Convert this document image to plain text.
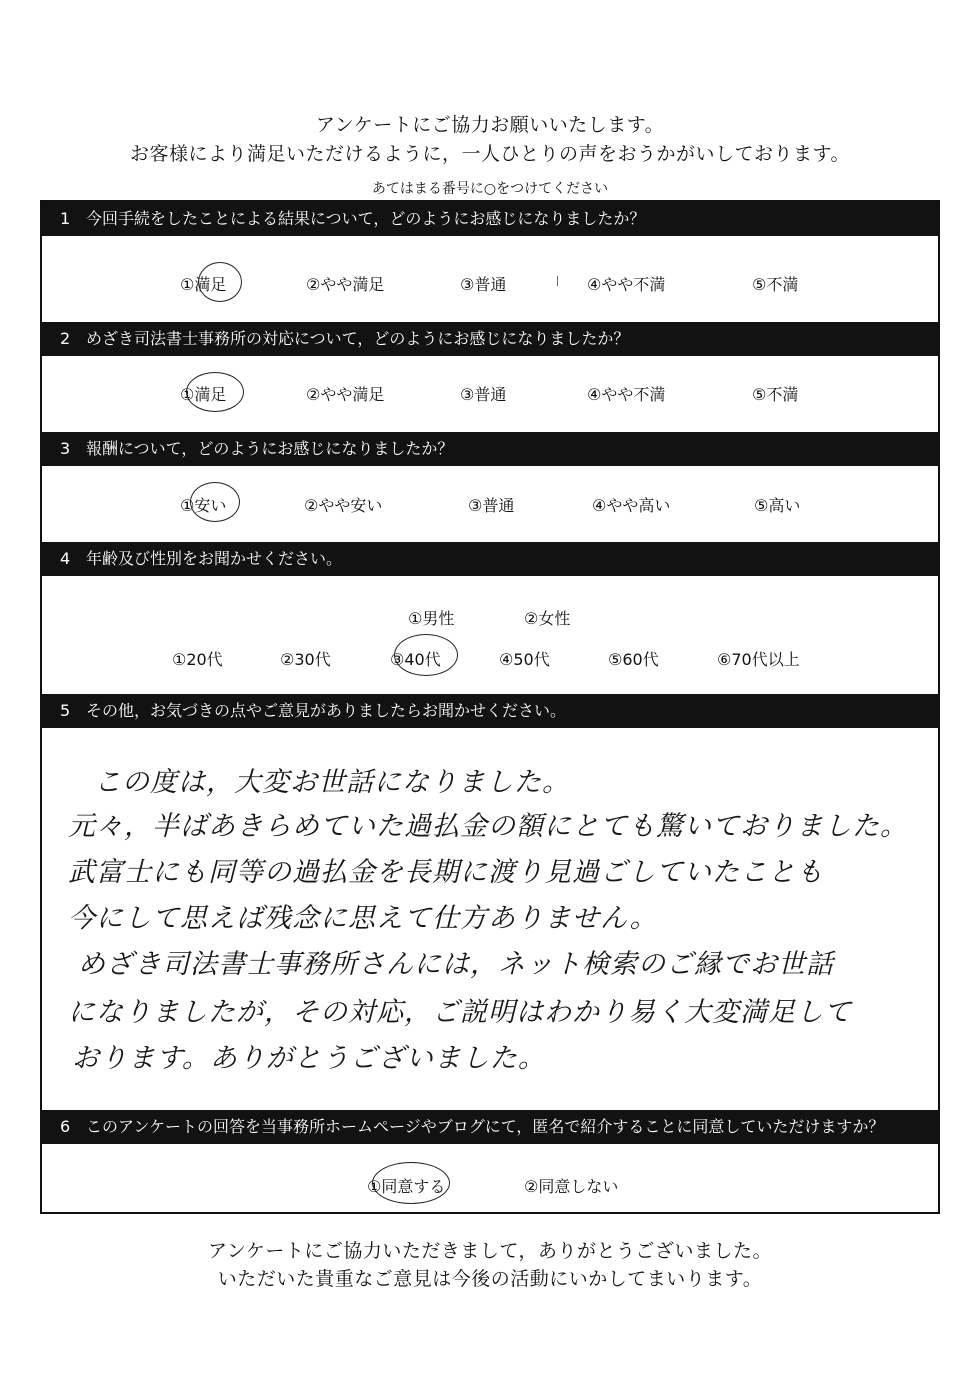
アンケートにご協力お願いいたします。
お客様により満足いただけるように，一人ひとりの声をおうかがいしております。
あてはまる番号に○をつけてください
1 今回手続をしたことによる結果について，どのようにお感じになりましたか？
①満足	②やや満足	③普通	④やや不満	⑤不満
2 めざき司法書士事務所の対応について，どのようにお感じになりましたか？
①満足	②やや満足	③普通	④やや不満	⑤不満
3 報酬について，どのようにお感じになりましたか？
①安い	②やや安い	③普通	④やや高い	⑤高い
4 年齢及び性別をお聞かせください。
①男性	②女性
①20代	②30代	③40代	④50代	⑤60代	⑥70代以上
5 その他，お気づきの点やご意見がありましたらお聞かせください。
この度は，大変お世話になりました。
元々，半ばあきらめていた過払金の額にとても驚いておりました。
武富士にも同等の過払金を長期に渡り見過ごしていたことも
今にして思えば残念に思えて仕方ありません。
めざき司法書士事務所さんには，ネット検索のご縁でお世話
になりましたが，その対応，ご説明はわかり易く大変満足して
おります。ありがとうございました。
6 このアンケートの回答を当事務所ホームページやブログにて，匿名で紹介することに同意していただけますか？
①同意する	②同意しない
アンケートにご協力いただきまして，ありがとうございました。
いただいた貴重なご意見は今後の活動にいかしてまいります。
